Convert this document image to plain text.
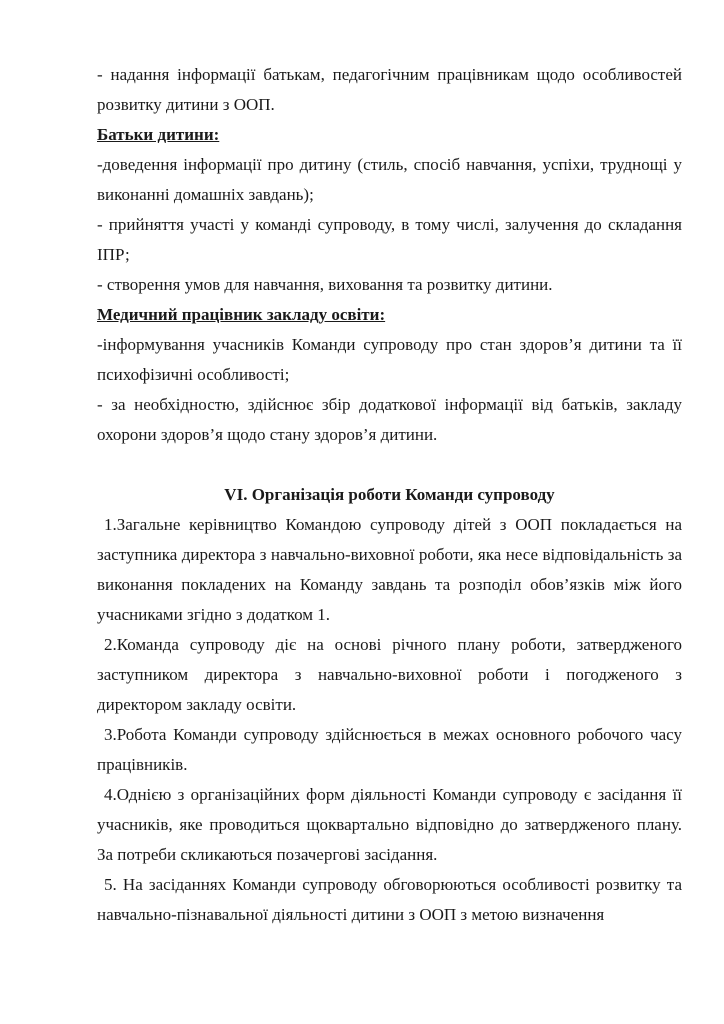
- надання інформації батькам, педагогічним працівникам щодо особливостей розвитку дитини з ООП.

Батьки дитини:

-доведення інформації про дитину (стиль, спосіб навчання, успіхи, труднощі у виконанні домашніх завдань);

- прийняття участі у команді супроводу, в тому числі, залучення до складання ІПР;

- створення умов для навчання, виховання та розвитку дитини.

Медичний працівник закладу освіти:

-інформування учасників Команди супроводу про стан здоров’я дитини та її психофізичні особливості;

- за необхідностю, здійснює збір додаткової інформації від батьків, закладу охорони здоров’я щодо стану здоров’я дитини.

VI. Організація роботи Команди супроводу

1.Загальне керівництво Командою супроводу дітей з ООП покладається на заступника директора з навчально-виховної роботи, яка несе відповідальність за виконання покладених на Команду завдань та розподіл обов’язків між його учасниками згідно з додатком 1.

2.Команда супроводу діє на основі річного плану роботи, затвердженого заступником директора з навчально-виховної роботи і погодженого з директором закладу освіти.

3.Робота Команди супроводу здійснюється в межах основного робочого часу працівників.

4.Однією з організаційних форм діяльності Команди супроводу є засідання її учасників, яке проводиться щоквартально відповідно до затвердженого плану. За потреби скликаються позачергові засідання.

5. На засіданнях Команди супроводу обговорюються особливості розвитку та навчально-пізнавальної діяльності дитини з ООП з метою визначення
